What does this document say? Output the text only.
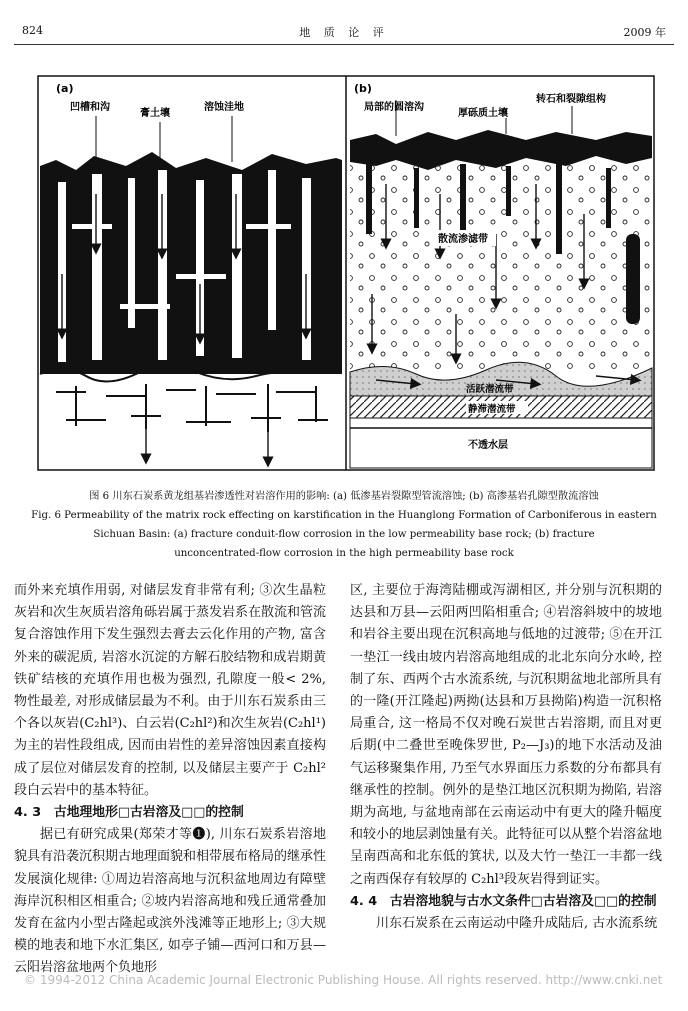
824	地 质 论 评	2009 年
(a)
凹槽和沟
膏土壤
溶蚀洼地
(b)
局部的圆溶沟
转石和裂隙组构
厚砾质土壤
散流渗滤带
活跃潜流带
静滞潜流带
不透水层
图 6 川东石炭系黄龙组基岩渗透性对岩溶作用的影响: (a) 低渗基岩裂隙型管流溶蚀; (b) 高渗基岩孔隙型散流溶蚀
Fig. 6 Permeability of the matrix rock effecting on karstification in the Huanglong Formation of Carboniferous in eastern
Sichuan Basin: (a) fracture conduit-flow corrosion in the low permeability base rock; (b) fracture
unconcentrated-flow corrosion in the high permeability base rock

而外来充填作用弱, 对储层发育非常有利; ③次生晶粒灰岩和次生灰质岩溶角砾岩属于蒸发岩系在散流和管流复合溶蚀作用下发生强烈去膏去云化作用的产物, 富含外来的碳泥质, 岩溶水沉淀的方解石胶结物和成岩期黄铁矿结核的充填作用也极为强烈, 孔隙度一般< 2%, 物性最差, 对形成储层最为不利。由于川东石炭系由三个各以灰岩(C₂hl³)、白云岩(C₂hl²)和次生灰岩(C₂hl¹)为主的岩性段组成, 因而由岩性的差异溶蚀因素直接构成了层位对储层发育的控制, 以及储层主要产于 C₂hl²段白云岩中的基本特征。

4. 3　古地理地形□古岩溶及□□的控制

据已有研究成果(郑荣才等❶), 川东石炭系岩溶地貌具有沿袭沉积期古地理面貌和相带展布格局的继承性发展演化规律: ①周边岩溶高地与沉积盆地周边有障壁海岸沉积相区相重合; ②坡内岩溶高地和残丘通常叠加发育在盆内小型古隆起或滨外浅滩等正地形上; ③大规模的地表和地下水汇集区, 如亭子铺—西河口和万县—云阳岩溶盆地两个负地形

区, 主要位于海湾陆棚或泻湖相区, 并分别与沉积期的达县和万县—云阳两凹陷相重合; ④岩溶斜坡中的坡地和岩谷主要出现在沉积高地与低地的过渡带; ⑤在开江一垫江一线由坡内岩溶高地组成的北北东向分水岭, 控制了东、西两个古水流系统, 与沉积期盆地北部所具有的一隆(开江隆起)两拗(达县和万县拗陷)构造一沉积格局重合, 这一格局不仅对晚石炭世古岩溶期, 而且对更后期(中二叠世至晚侏罗世, P₂—J₃)的地下水活动及油气运移聚集作用, 乃至气水界面压力系数的分布都具有继承性的控制。例外的是垫江地区沉积期为拗陷, 岩溶期为高地, 与盆地南部在云南运动中有更大的隆升幅度和较小的地层剥蚀量有关。此特征可以从整个岩溶盆地呈南西高和北东低的箕状, 以及大竹一垫江一丰都一线之南西保存有较厚的 C₂hl³段灰岩得到证实。

4. 4　古岩溶地貌与古水文条件□古岩溶及□□的控制

川东石炭系在云南运动中隆升成陆后, 古水流系统

© 1994-2012 China Academic Journal Electronic Publishing House. All rights reserved. http://www.cnki.net
